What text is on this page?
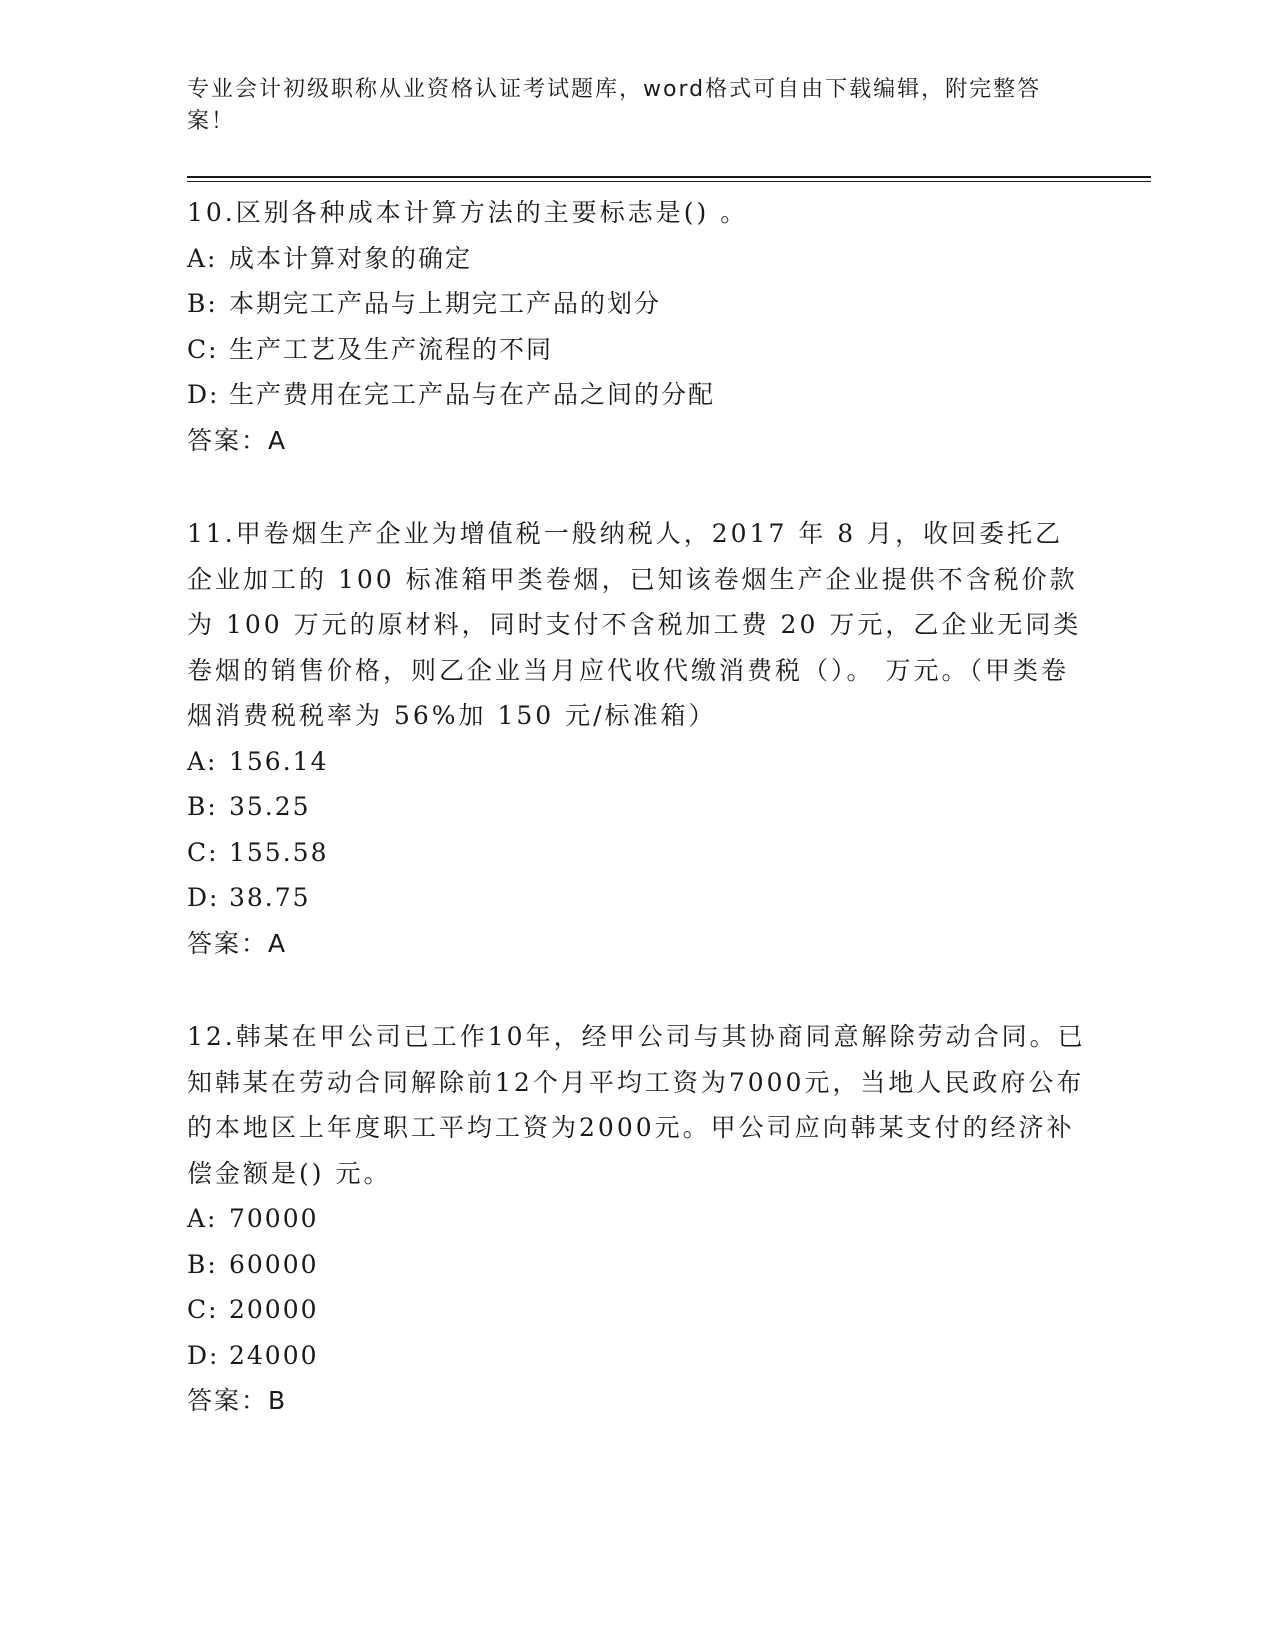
专业会计初级职称从业资格认证考试题库，word格式可自由下载编辑，附完整答案！

10.区别各种成本计算方法的主要标志是() 。

A: 成本计算对象的确定

B: 本期完工产品与上期完工产品的划分

C: 生产工艺及生产流程的不同

D: 生产费用在完工产品与在产品之间的分配

答案：A

11.甲卷烟生产企业为增值税一般纳税人，2017 年 8 月，收回委托乙企业加工的 100 标准箱甲类卷烟，已知该卷烟生产企业提供不含税价款为 100 万元的原材料，同时支付不含税加工费 20 万元，乙企业无同类卷烟的销售价格，则乙企业当月应代收代缴消费税（）。 万元。（甲类卷烟消费税税率为 56%加 150 元/标准箱）

A: 156.14

B: 35.25

C: 155.58

D: 38.75

答案：A

12.韩某在甲公司已工作10年，经甲公司与其协商同意解除劳动合同。已知韩某在劳动合同解除前12个月平均工资为7000元，当地人民政府公布的本地区上年度职工平均工资为2000元。甲公司应向韩某支付的经济补偿金额是() 元。

A: 70000

B: 60000

C: 20000

D: 24000

答案：B
